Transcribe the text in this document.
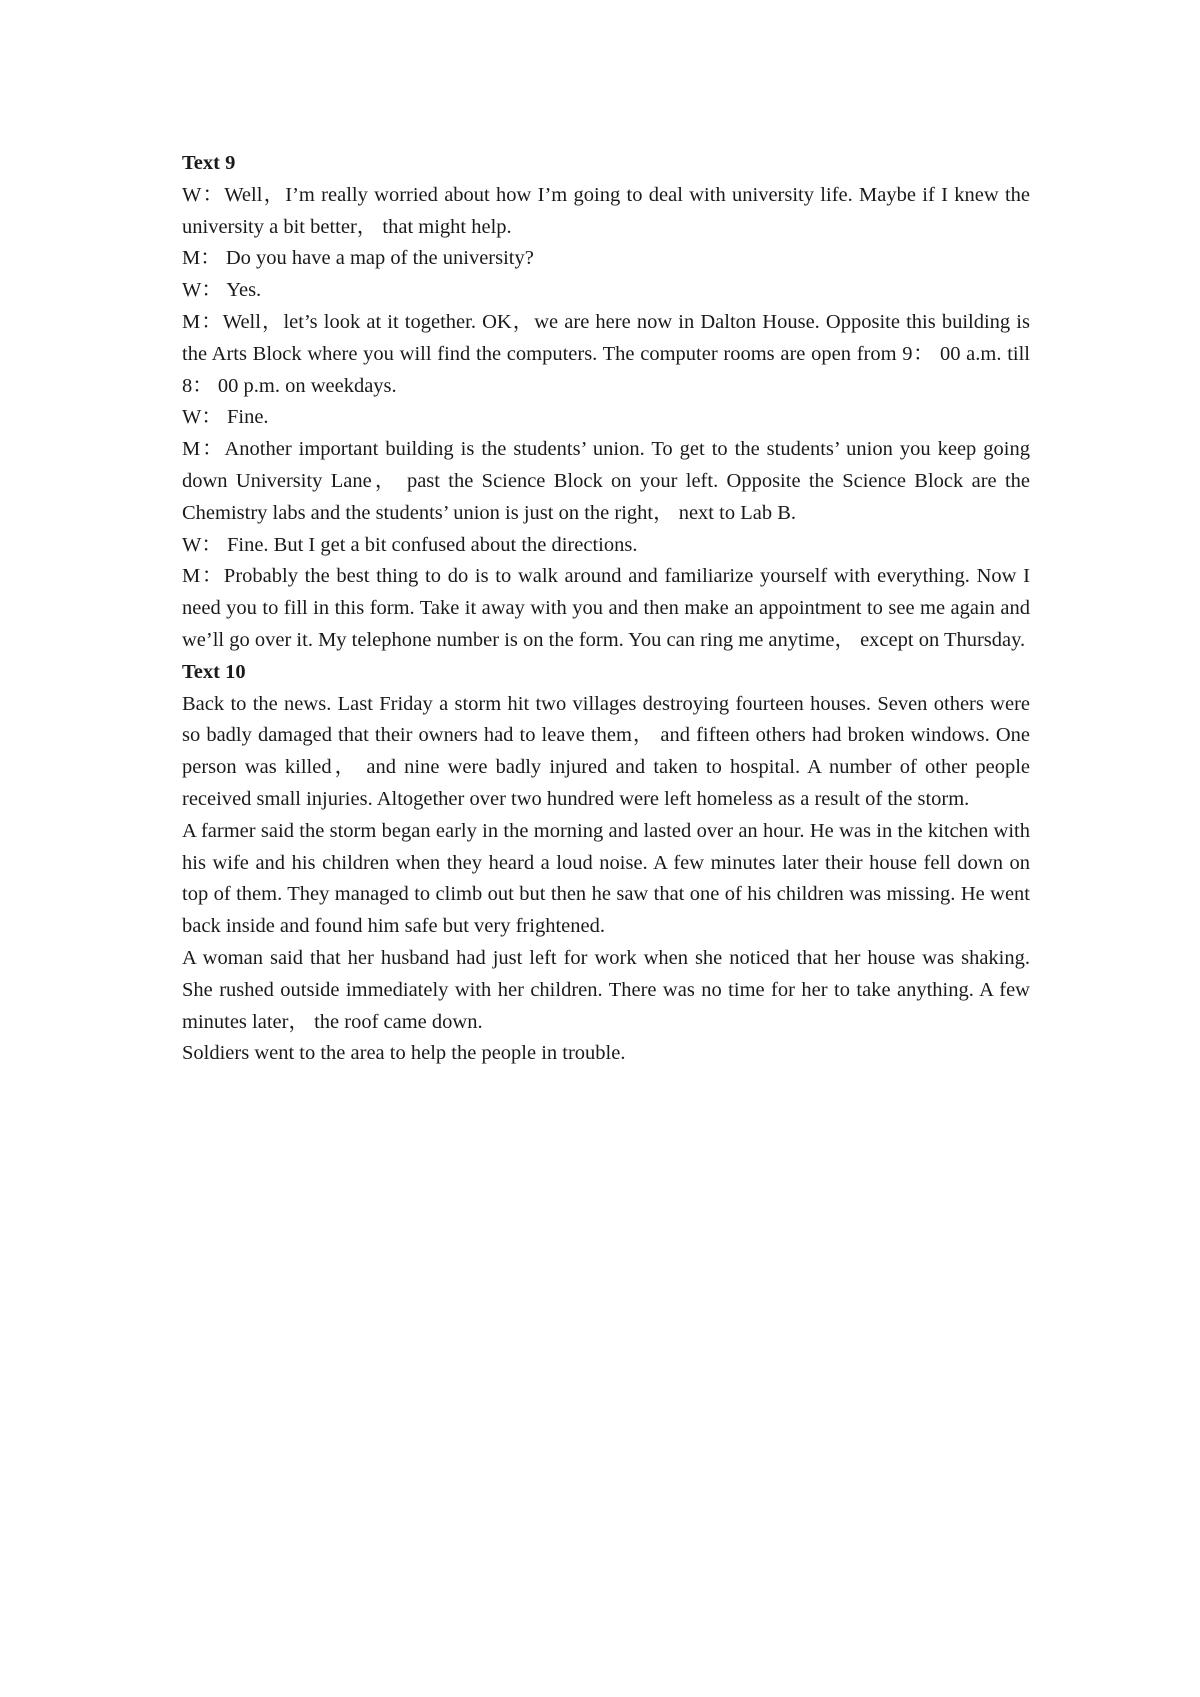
Text 9

W：Well，I’m really worried about how I’m going to deal with university life. Maybe if I knew the university a bit better， that might help.

M： Do you have a map of the university?

W： Yes.

M：Well，let’s look at it together. OK，we are here now in Dalton House. Opposite this building is the Arts Block where you will find the computers. The computer rooms are open from 9： 00 a.m. till 8： 00 p.m. on weekdays.

W： Fine.

M：Another important building is the students’ union. To get to the students’ union you keep going down University Lane， past the Science Block on your left. Opposite the Science Block are the Chemistry labs and the students’ union is just on the right， next to Lab B.

W： Fine. But I get a bit confused about the directions.

M：Probably the best thing to do is to walk around and familiarize yourself with everything. Now I need you to fill in this form. Take it away with you and then make an appointment to see me again and we’ll go over it. My telephone number is on the form. You can ring me anytime， except on Thursday.

Text 10

Back to the news. Last Friday a storm hit two villages destroying fourteen houses. Seven others were so badly damaged that their owners had to leave them， and fifteen others had broken windows. One person was killed， and nine were badly injured and taken to hospital. A number of other people received small injuries. Altogether over two hundred were left homeless as a result of the storm.

A farmer said the storm began early in the morning and lasted over an hour. He was in the kitchen with his wife and his children when they heard a loud noise. A few minutes later their house fell down on top of them. They managed to climb out but then he saw that one of his children was missing. He went back inside and found him safe but very frightened.

A woman said that her husband had just left for work when she noticed that her house was shaking. She rushed outside immediately with her children. There was no time for her to take anything. A few minutes later， the roof came down.

Soldiers went to the area to help the people in trouble.
